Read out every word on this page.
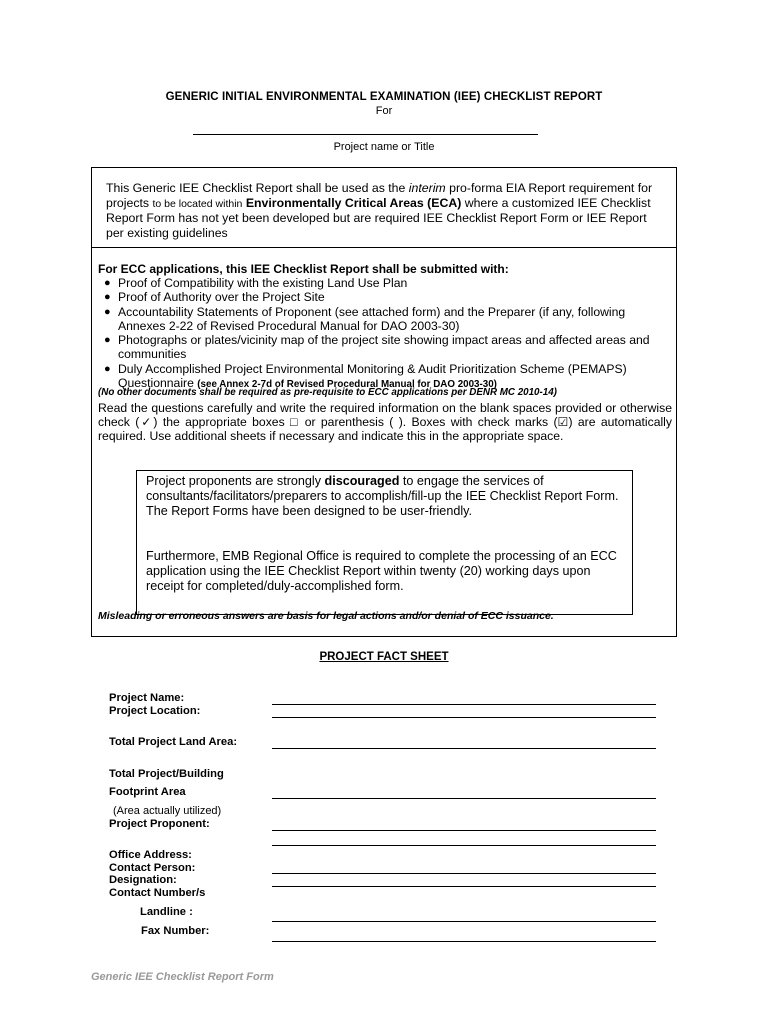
GENERIC INITIAL ENVIRONMENTAL EXAMINATION (IEE) CHECKLIST REPORT
For
Project name or Title

This Generic IEE Checklist Report shall be used as the interim pro-forma EIA Report requirement for projects to be located within Environmentally Critical Areas (ECA) where a customized IEE Checklist Report Form has not yet been developed but are required IEE Checklist Report Form or IEE Report per existing guidelines

For ECC applications, this IEE Checklist Report shall be submitted with:
● Proof of Compatibility with the existing Land Use Plan
● Proof of Authority over the Project Site
● Accountability Statements of Proponent (see attached form) and the Preparer (if any, following Annexes 2-22 of Revised Procedural Manual for DAO 2003-30)
● Photographs or plates/vicinity map of the project site showing impact areas and affected areas and communities
● Duly Accomplished Project Environmental Monitoring & Audit Prioritization Scheme (PEMAPS) Questionnaire (see Annex 2-7d of Revised Procedural Manual for DAO 2003-30)
(No other documents shall be required as pre-requisite to ECC applications per DENR MC 2010-14)
Read the questions carefully and write the required information on the blank spaces provided or otherwise check (✓) the appropriate boxes □ or parenthesis ( ). Boxes with check marks (☑) are automatically required. Use additional sheets if necessary and indicate this in the appropriate space.

Project proponents are strongly discouraged to engage the services of consultants/facilitators/preparers to accomplish/fill-up the IEE Checklist Report Form. The Report Forms have been designed to be user-friendly.

Furthermore, EMB Regional Office is required to complete the processing of an ECC application using the IEE Checklist Report within twenty (20) working days upon receipt for completed/duly-accomplished form.

Misleading or erroneous answers are basis for legal actions and/or denial of ECC issuance.
PROJECT FACT SHEET
Project Name:
Project Location:
Total Project Land Area:
Total Project/Building
Footprint Area
(Area actually utilized)
Project Proponent:
Office Address:
Contact Person:
Designation:
Contact Number/s
Landline :
Fax Number:
Generic IEE Checklist Report Form
